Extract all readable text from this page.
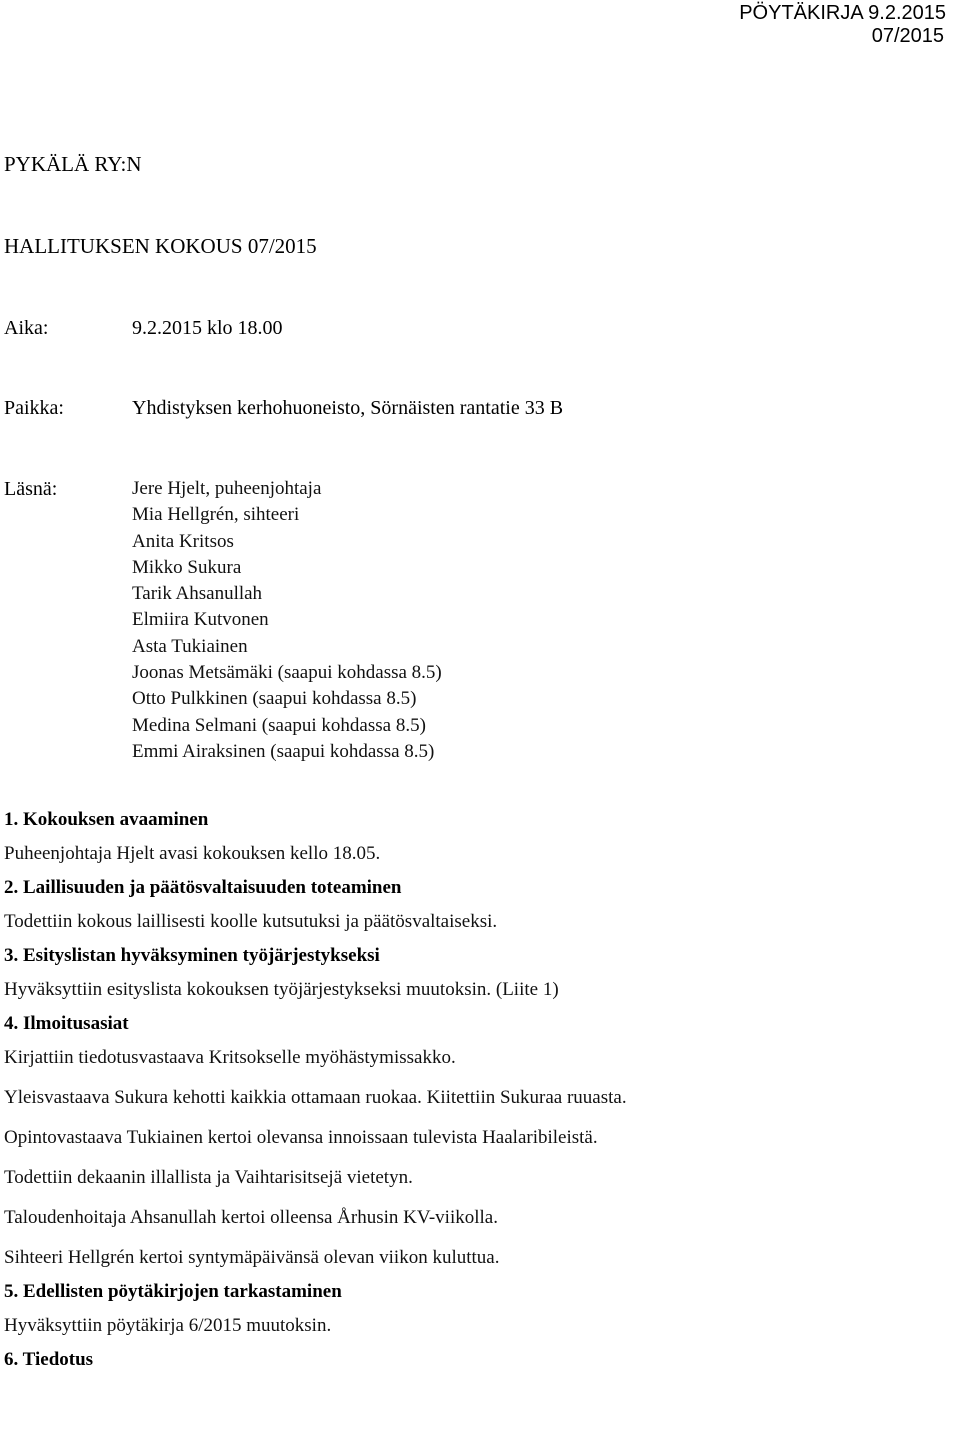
PÖYTÄKIRJA 9.2.2015
07/2015
PYKÄLÄ RY:N
HALLITUKSEN KOKOUS 07/2015
Aika:	9.2.2015 klo 18.00
Paikka:	Yhdistyksen kerhohuoneisto, Sörnäisten rantatie 33 B
Läsnä:	Jere Hjelt, puheenjohtaja
Mia Hellgrén, sihteeri
Anita Kritsos
Mikko Sukura
Tarik Ahsanullah
Elmiira Kutvonen
Asta Tukiainen
Joonas Metsämäki (saapui kohdassa 8.5)
Otto Pulkkinen (saapui kohdassa 8.5)
Medina Selmani (saapui kohdassa 8.5)
Emmi Airaksinen (saapui kohdassa 8.5)
1. Kokouksen avaaminen
Puheenjohtaja Hjelt avasi kokouksen kello 18.05.
2. Laillisuuden ja päätösvaltaisuuden toteaminen
Todettiin kokous laillisesti koolle kutsutuksi ja päätösvaltaiseksi.
3. Esityslistan hyväksyminen työjärjestykseksi
Hyväksyttiin esityslista kokouksen työjärjestykseksi muutoksin. (Liite 1)
4. Ilmoitusasiat
Kirjattiin tiedotusvastaava Kritsokselle myöhästymissakko.
Yleisvastaava Sukura kehotti kaikkia ottamaan ruokaa. Kiitettiin Sukuraa ruuasta.
Opintovastaava Tukiainen kertoi olevansa innoissaan tulevista Haalaribileistä.
Todettiin dekaanin illallista ja Vaihtarisitsejä vietetyn.
Taloudenhoitaja Ahsanullah kertoi olleensa Århusin KV-viikolla.
Sihteeri Hellgrén kertoi syntymäpäivänsä olevan viikon kuluttua.
5. Edellisten pöytäkirjojen tarkastaminen
Hyväksyttiin pöytäkirja 6/2015 muutoksin.
6. Tiedotus
